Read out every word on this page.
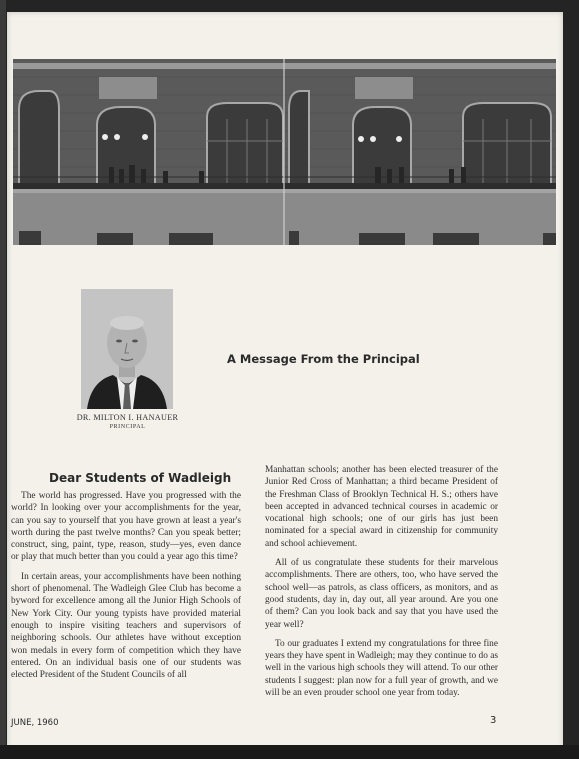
DR. MILTON I. HANAUER
PRINCIPAL
A Message From the Principal
Dear Students of Wadleigh

The world has progressed. Have you progressed with the world? In looking over your accomplishments for the year, can you say to yourself that you have grown at least a year's worth during the past twelve months? Can you speak better; construct, sing, paint, type, reason, study—yes, even dance or play that much better than you could a year ago this time?

In certain areas, your accomplishments have been nothing short of phenomenal. The Wadleigh Glee Club has become a byword for excellence among all the Junior High Schools of New York City. Our young typists have provided material enough to inspire visiting teachers and supervisors of neighboring schools. Our athletes have without exception won medals in every form of competition which they have entered. On an individual basis one of our students was elected President of the Student Councils of all

Manhattan schools; another has been elected treasurer of the Junior Red Cross of Manhattan; a third became President of the Freshman Class of Brooklyn Technical H. S.; others have been accepted in advanced technical courses in academic or vocational high schools; one of our girls has just been nominated for a special award in citizenship for community and school achievement.

All of us congratulate these students for their marvelous accomplishments. There are others, too, who have served the school well—as patrols, as class officers, as monitors, and as good students, day in, day out, all year around. Are you one of them? Can you look back and say that you have used the year well?

To our graduates I extend my congratulations for three fine years they have spent in Wadleigh; may they continue to do as well in the various high schools they will attend. To our other students I suggest: plan now for a full year of growth, and we will be an even prouder school one year from today.

JUNE, 1960	3
